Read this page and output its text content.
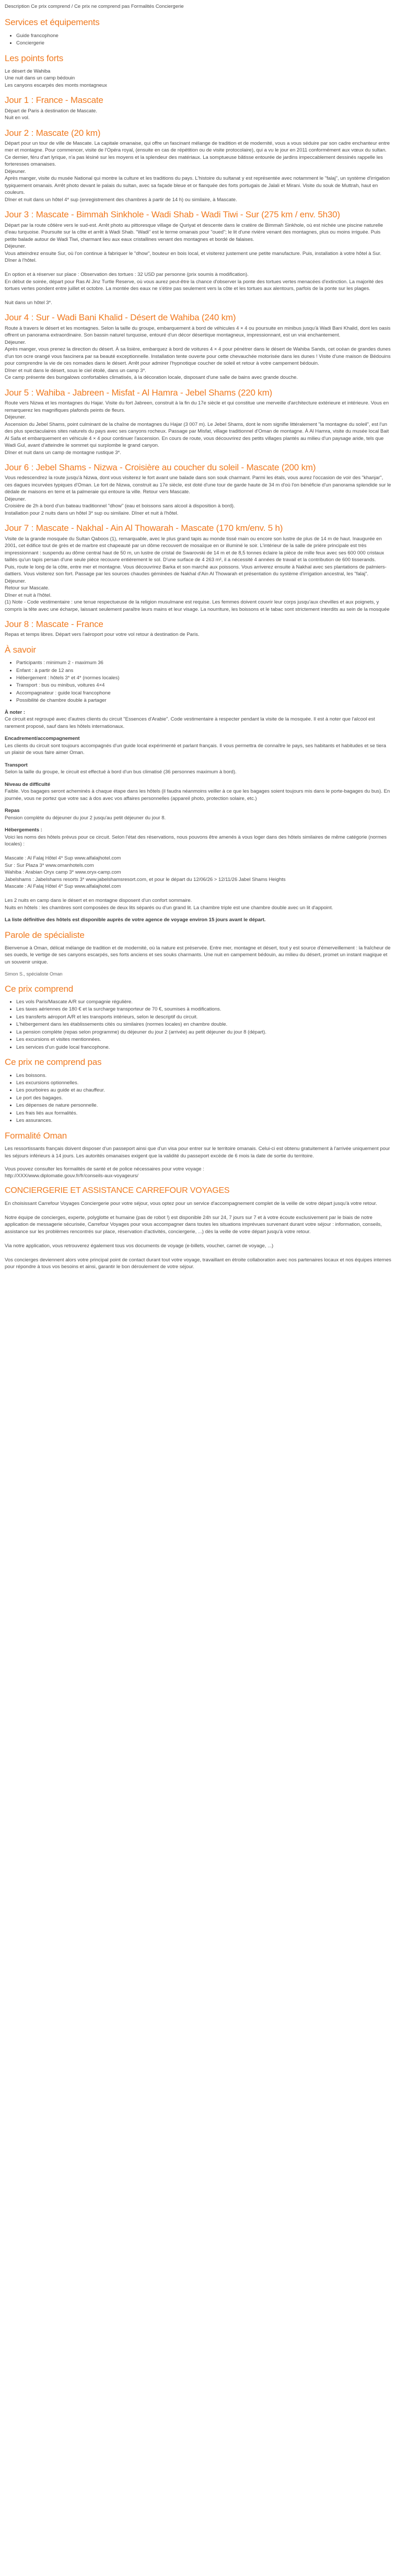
Description Ce prix comprend / Ce prix ne comprend pas Formalités Conciergerie

Services et équipements
• Guide francophone
• Conciergerie
Les points forts
Le désert de Wahiba
Une nuit dans un camp bédouin
Les canyons escarpés des monts montagneux
Jour 1 : France - Mascate
Départ de Paris à destination de Mascate.
Nuit en vol.
Jour 2 : Mascate (20 km)
Départ pour un tour de ville de Mascate. La capitale omanaise, qui offre un fascinant mélange de tradition et de modernité, vous a vous séduire par son cadre enchanteur entre mer et montagne. Pour commencer, visite de l'Opéra royal, (ensuite en cas de répétition ou de visite protocolaire), qui a vu le jour en 2011 conformément aux vœux du sultan. Ce dernier, féru d'art lyrique, n'a pas lésiné sur les moyens et la splendeur des matériaux. La somptueuse bâtisse entourée de jardins impeccablement dessinés rappelle les forteresses omanaises.
Déjeuner.
Après manger, visite du musée National qui montre la culture et les traditions du pays. L'histoire du sultanat y est représentée avec notamment le "falaj", un système d'irrigation typiquement omanais. Arrêt photo devant le palais du sultan, avec sa façade bleue et or flanquée des forts portugais de Jalali et Mirani. Visite du souk de Muttrah, haut en couleurs.
Dîner et nuit dans un hôtel 4* sup (enregistrement des chambres à partir de 14 h) ou similaire, à Mascate.
Jour 3 : Mascate - Bimmah Sinkhole - Wadi Shab - Wadi Tiwi - Sur (275 km / env. 5h30)
Départ par la route côtière vers le sud-est. Arrêt photo au pittoresque village de Quriyat et descente dans le cratère de Bimmah Sinkhole, où est nichée une piscine naturelle d'eau turquoise. Poursuite sur la côte et arrêt à Wadi Shab. "Wadi" est le terme omanais pour "oued"; le lit d'une rivière venant des montagnes, plus ou moins irriguée. Puis petite balade autour de Wadi Tiwi, charmant lieu aux eaux cristallines venant des montagnes et bordé de falaises.
Déjeuner.
Vous atteindrez ensuite Sur, où l'on continue à fabriquer le "dhow", bouteur en bois local, et visiterez justement une petite manufacture. Puis, installation à votre hôtel à Sur.
Dîner à l'hôtel.

En option et à réserver sur place : Observation des tortues : 32 USD par personne (prix soumis à modification).
En début de soirée, départ pour Ras Al Jinz Turtle Reserve, où vous aurez peut-être la chance d'observer la ponte des tortues vertes menacées d'extinction. La majorité des tortues vertes pondent entre juillet et octobre. La montée des eaux ne s'étire pas seulement vers la côte et les tortues aux alentours, parfois de la ponte sur les plages.

Nuit dans un hôtel 3*.
Jour 4 : Sur - Wadi Bani Khalid - Désert de Wahiba (240 km)
Route à travers le désert et les montagnes. Selon la taille du groupe, embarquement à bord de véhicules 4 × 4 ou poursuite en minibus jusqu'à Wadi Bani Khalid, dont les oasis offrent un panorama extraordinaire. Son bassin naturel turquoise, entouré d'un décor désertique montagneux, impressionnant, est un vrai enchantement.
Déjeuner.
Après manger, vous prenez la direction du désert. À sa lisière, embarquez à bord de voitures 4 × 4 pour pénétrer dans le désert de Wahiba Sands, cet océan de grandes dunes d'un ton ocre orangé vous fascinera par sa beauté exceptionnelle. Installation tente ouverte pour cette chevauchée motorisée dans les dunes ! Visite d'une maison de Bédouins pour comprendre la vie de ces nomades dans le désert. Arrêt pour admirer l'hypnotique coucher de soleil et retour à votre campement bédouin.
Dîner et nuit dans le désert, sous le ciel étoilé, dans un camp 3*.
Ce camp présente des bungalows confortables climatisés, à la décoration locale, disposant d'une salle de bains avec grande douche.
Jour 5 : Wahiba - Jabreen - Misfat - Al Hamra - Jebel Shams (220 km)
Route vers Nizwa et les montagnes du Hajar. Visite du fort Jabreen, construit à la fin du 17e siècle et qui constitue une merveille d'architecture extérieure et intérieure. Vous en remarquerez les magnifiques plafonds peints de fleurs.
Déjeuner.
Ascension du Jebel Shams, point culminant de la chaîne de montagnes du Hajar (3 007 m). Le Jebel Shams, dont le nom signifie littéralement "la montagne du soleil", est l'un des plus spectaculaires sites naturels du pays avec ses canyons rocheux. Passage par Misfat, village traditionnel d'Oman de montagne. À Al Hamra, visite du musée local Bait Al Safa et embarquement en véhicule 4 × 4 pour continuer l'ascension. En cours de route, vous découvrirez des petits villages plantés au milieu d'un paysage aride, tels que Wadi Gul, avant d'atteindre le sommet qui surplombe le grand canyon.
Dîner et nuit dans un camp de montagne rustique 3*.
Jour 6 : Jebel Shams - Nizwa - Croisière au coucher du soleil - Mascate (200 km)
Vous redescendrez la route jusqu'à Nizwa, dont vous visiterez le fort avant une balade dans son souk charmant. Parmi les étals, vous aurez l'occasion de voir des "khanjar", ces dagues incurvées typiques d'Oman. Le fort de Nizwa, construit au 17e siècle, est doté d'une tour de garde haute de 34 m d'où l'on bénéficie d'un panorama splendide sur le dédale de maisons en terre et la palmeraie qui entoure la ville. Retour vers Mascate.
Déjeuner.
Croisière de 2h à bord d'un bateau traditionnel "dhow" (eau et boissons sans alcool à disposition à bord).
Installation pour 2 nuits dans un hôtel 3* sup ou similaire. Dîner et nuit à l'hôtel.
Jour 7 : Mascate - Nakhal - Ain Al Thowarah - Mascate (170 km/env. 5 h)
Visite de la grande mosquée du Sultan Qaboos (1), remarquable, avec le plus grand tapis au monde tissé main ou encore son lustre de plus de 14 m de haut. Inaugurée en 2001, cet édifice tout de grès et de marbre est chapeauté par un dôme recouvert de mosaïque en or illuminé le soir. L'intérieur de la salle de prière principale est très impressionnant : suspendu au dôme central haut de 50 m, un lustre de cristal de Swarovski de 14 m et de 8,5 tonnes éclaire la pièce de mille feux avec ses 600 000 cristaux taillés qu'un tapis persan d'une seule pièce recouvre entièrement le sol. D'une surface de 4 263 m², il a nécessité 4 années de travail et la contribution de 600 tisserands.
Puis, route le long de la côte, entre mer et montagne. Vous découvrirez Barka et son marché aux poissons. Vous arriverez ensuite à Nakhal avec ses plantations de palmiers-dattiers. Vous visiterez son fort. Passage par les sources chaudes géminées de Nakhal d'Ain Al Thowarah et présentation du système d'irrigation ancestral, les "falaj".
Déjeuner.
Retour sur Mascate.
Dîner et nuit à l'hôtel.
(1) Note - Code vestimentaire : une tenue respectueuse de la religion musulmane est requise. Les femmes doivent couvrir leur corps jusqu'aux chevilles et aux poignets, y compris la tête avec une écharpe, laissant seulement paraître leurs mains et leur visage. La nourriture, les boissons et le tabac sont strictement interdits au sein de la mosquée
Jour 8 : Mascate - France
Repas et temps libres. Départ vers l'aéroport pour votre vol retour à destination de Paris.
À savoir
• Participants : minimum 2 - maximum 36
• Enfant : à partir de 12 ans
• Hébergement : hôtels 3* et 4* (normes locales)
• Transport : bus ou minibus, voitures 4×4
• Accompagnateur : guide local francophone
• Possibilité de chambre double à partager
À noter :
Ce circuit est regroupé avec d'autres clients du circuit "Essences d'Arabie". Code vestimentaire à respecter pendant la visite de la mosquée. Il est à noter que l'alcool est rarement proposé, sauf dans les hôtels internationaux.
Encadrement/accompagnement
Les clients du circuit sont toujours accompagnés d'un guide local expérimenté et parlant français. Il vous permettra de connaître le pays, ses habitants et habitudes et se tiera un plaisir de vous faire aimer Oman.
Transport
Selon la taille du groupe, le circuit est effectué à bord d'un bus climatisé (36 personnes maximum à bord).
Niveau de difficulté
Faible. Vos bagages seront acheminés à chaque étape dans les hôtels (il faudra néanmoins veiller à ce que les bagages soient toujours mis dans le porte-bagages du bus). En journée, vous ne portez que votre sac à dos avec vos affaires personnelles (appareil photo, protection solaire, etc.)
Repas
Pension complète du déjeuner du jour 2 jusqu'au petit déjeuner du jour 8.
Hébergements :
Voici les noms des hôtels prévus pour ce circuit. Selon l'état des réservations, nous pouvons être amenés à vous loger dans des hôtels similaires de même catégorie (normes locales) :

Mascate : Al Falaj Hôtel 4* Sup www.alfalajhotel.com
Sur : Sur Plaza 3* www.omanhotels.com
Wahiba : Arabian Oryx camp 3* www.oryx-camp.com
Jabelshams : Jabelshams resorts 3* www.jabelshamsresort.com, et pour le départ du 12/06/26 > 12/11/26 Jabel Shams Heights
Mascate : Al Falaj Hôtel 4* Sup www.alfalajhotel.com

Les 2 nuits en camp dans le désert et en montagne disposent d'un confort sommaire.
Nuits en hôtels : les chambres sont composées de deux lits séparés ou d'un grand lit. La chambre triple est une chambre double avec un lit d'appoint.

La liste définitive des hôtels est disponible auprès de votre agence de voyage environ 15 jours avant le départ.

Parole de spécialiste

Bienvenue à Oman, délicat mélange de tradition et de modernité, où la nature est préservée. Entre mer, montagne et désert, tout y est source d'émerveillement : la fraîcheur de ses oueds, le vertige de ses canyons escarpés, ses forts anciens et ses souks charmants. Une nuit en campement bédouin, au milieu du désert, promet un instant magique et un souvenir unique.

Simon S., spécialiste Oman

Ce prix comprend
• Les vols Paris/Mascate A/R sur compagnie régulière.
• Les taxes aériennes de 180 € et la surcharge transporteur de 70 €, soumises à modifications.
• Les transferts aéroport A/R et les transports intérieurs, selon le descriptif du circuit.
• L'hébergement dans les établissements cités ou similaires (normes locales) en chambre double.
• La pension complète (repas selon programme) du déjeuner du jour 2 (arrivée) au petit déjeuner du jour 8 (départ).
• Les excursions et visites mentionnées.
• Les services d'un guide local francophone.
Ce prix ne comprend pas
• Les boissons.
• Les excursions optionnelles.
• Les pourboires au guide et au chauffeur.
• Le port des bagages.
• Les dépenses de nature personnelle.
• Les frais liés aux formalités.
• Les assurances.
Formalité Oman

Les ressortissants français doivent disposer d'un passeport ainsi que d'un visa pour entrer sur le territoire omanais. Celui-ci est obtenu gratuitement à l'arrivée uniquement pour les séjours inférieurs à 14 jours. Les autorités omanaises exigent que la validité du passeport excède de 6 mois la date de sortie du territoire.

Vous pouvez consulter les formalités de santé et de police nécessaires pour votre voyage :
http://XXX/www.diplomatie.gouv.fr/fr/conseils-aux-voyageurs/
CONCIERGERIE ET ASSISTANCE CARREFOUR VOYAGES
En choisissant Carrefour Voyages Conciergerie pour votre séjour, vous optez pour un service d'accompagnement complet de la veille de votre départ jusqu'à votre retour.

Notre équipe de concierges, experte, polyglotte et humaine (pas de robot !) est disponible 24h sur 24, 7 jours sur 7 et à votre écoute exclusivement par le biais de notre application de messagerie sécurisée, Carrefour Voyages pour vous accompagner dans toutes les situations imprévues survenant durant votre séjour : information, conseils, assistance sur les problèmes rencontrés sur place, réservation d'activités, conciergerie, ...) dès la veille de votre départ jusqu'à votre retour.

Via notre application, vous retrouverez également tous vos documents de voyage (e-billets, voucher, carnet de voyage, ...)

Vos concierges deviennent alors votre principal point de contact durant tout votre voyage, travaillant en étroite collaboration avec nos partenaires locaux et nos équipes internes pour répondre à tous vos besoins et ainsi, garantir le bon déroulement de votre séjour.
